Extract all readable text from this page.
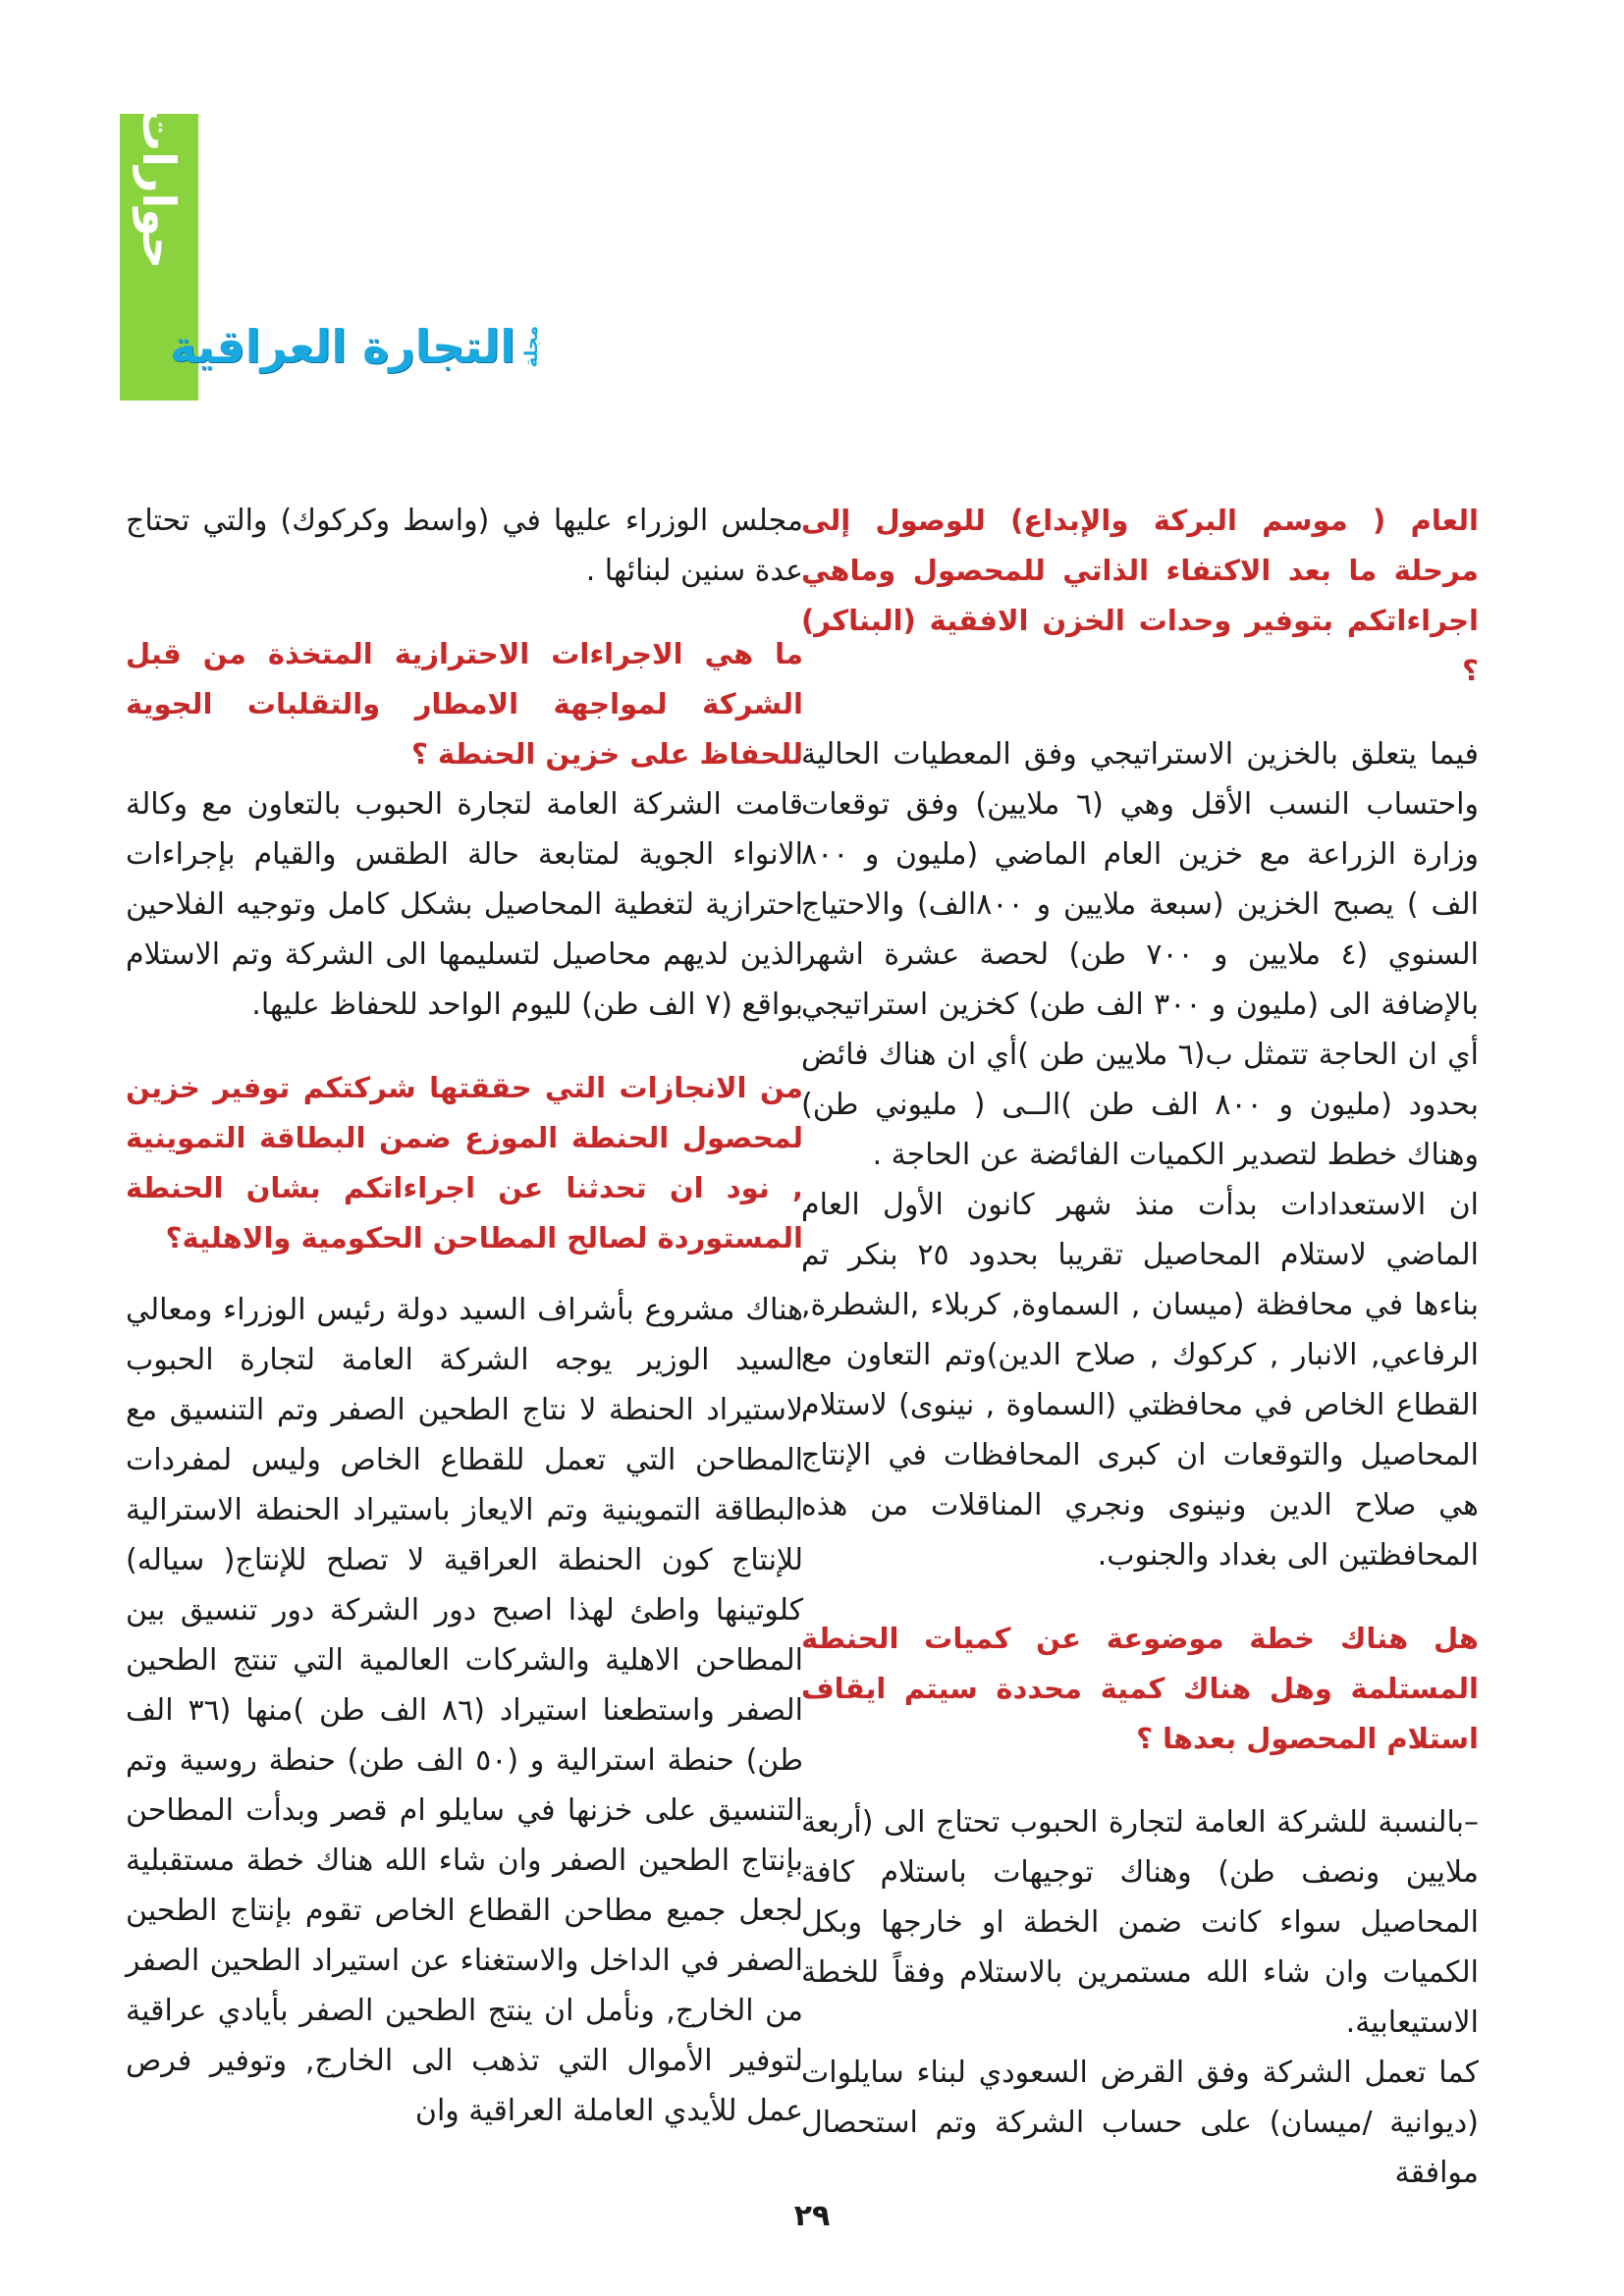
حوارات
مجلة
التجارة العراقية
العام ( موسم البركة والإبداع) للوصول إلى مرحلة ما بعد الاكتفاء الذاتي للمحصول وماهي اجراءاتكم بتوفير وحدات الخزن الافقية (البناكر) ؟
فيما يتعلق بالخزين الاستراتيجي وفق المعطيات الحالية واحتساب النسب الأقل وهي (٦ ملايين) وفق توقعات وزارة الزراعة مع خزين العام الماضي (مليون و ٨٠٠ الف ) يصبح الخزين (سبعة ملايين و ٨٠٠الف) والاحتياج السنوي (٤ ملايين و ٧٠٠ طن) لحصة عشرة اشهر بالإضافة الى (مليون و ٣٠٠ الف طن) كخزين استراتيجي أي ان الحاجة تتمثل ب(٦ ملايين طن )أي ان هناك فائض بحدود (مليون و ٨٠٠ الف طن )الــى ( مليوني طن) وهناك خطط لتصدير الكميات الفائضة عن الحاجة .
ان الاستعدادات بدأت منذ شهر كانون الأول العام الماضي لاستلام المحاصيل تقريبا بحدود ٢٥ بنكر تم بناءها في محافظة (ميسان , السماوة, كربلاء ,الشطرة, الرفاعي, الانبار , كركوك , صلاح الدين)وتم التعاون مع القطاع الخاص في محافظتي (السماوة , نينوى) لاستلام المحاصيل والتوقعات ان كبرى المحافظات في الإنتاج هي صلاح الدين ونينوى ونجري المناقلات من هذه المحافظتين الى بغداد والجنوب.
هل هناك خطة موضوعة عن كميات الحنطة المستلمة وهل هناك كمية محددة سيتم ايقاف استلام المحصول بعدها ؟
–بالنسبة للشركة العامة لتجارة الحبوب تحتاج الى (أربعة ملايين ونصف طن) وهناك توجيهات باستلام كافة المحاصيل سواء كانت ضمن الخطة او خارجها وبكل الكميات وان شاء الله مستمرين بالاستلام وفقاً للخطة الاستيعابية.
كما تعمل الشركة وفق القرض السعودي لبناء سايلوات (ديوانية /ميسان) على حساب الشركة وتم استحصال موافقة
مجلس الوزراء عليها في (واسط وكركوك) والتي تحتاج عدة سنين لبنائها .
ما هي الاجراءات الاحترازية المتخذة من قبل الشركة لمواجهة الامطار والتقلبات الجوية للحفاظ على خزين الحنطة ؟
قامت الشركة العامة لتجارة الحبوب بالتعاون مع وكالة الانواء الجوية لمتابعة حالة الطقس والقيام بإجراءات احترازية لتغطية المحاصيل بشكل كامل وتوجيه الفلاحين الذين لديهم محاصيل لتسليمها الى الشركة وتم الاستلام بواقع (٧ الف طن) لليوم الواحد للحفاظ عليها.
من الانجازات التي حققتها شركتكم توفير خزين لمحصول الحنطة الموزع ضمن البطاقة التموينية , نود ان تحدثنا عن اجراءاتكم بشان الحنطة المستوردة لصالح المطاحن الحكومية والاهلية؟
هناك مشروع بأشراف السيد دولة رئيس الوزراء ومعالي السيد الوزير يوجه الشركة العامة لتجارة الحبوب لاستيراد الحنطة لا نتاج الطحين الصفر وتم التنسيق مع المطاحن التي تعمل للقطاع الخاص وليس لمفردات البطاقة التموينية وتم الايعاز باستيراد الحنطة الاسترالية للإنتاج كون الحنطة العراقية لا تصلح للإنتاج( سياله) كلوتينها واطئ لهذا اصبح دور الشركة دور تنسيق بين المطاحن الاهلية والشركات العالمية التي تنتج الطحين الصفر واستطعنا استيراد (٨٦ الف طن )منها (٣٦ الف طن) حنطة استرالية و (٥٠ الف طن) حنطة روسية وتم التنسيق على خزنها في سايلو ام قصر وبدأت المطاحن بإنتاج الطحين الصفر وان شاء الله هناك خطة مستقبلية لجعل جميع مطاحن القطاع الخاص تقوم بإنتاج الطحين الصفر في الداخل والاستغناء عن استيراد الطحين الصفر من الخارج, ونأمل ان ينتج الطحين الصفر بأيادي عراقية لتوفير الأموال التي تذهب الى الخارج, وتوفير فرص عمل للأيدي العاملة العراقية وان
٢٩
